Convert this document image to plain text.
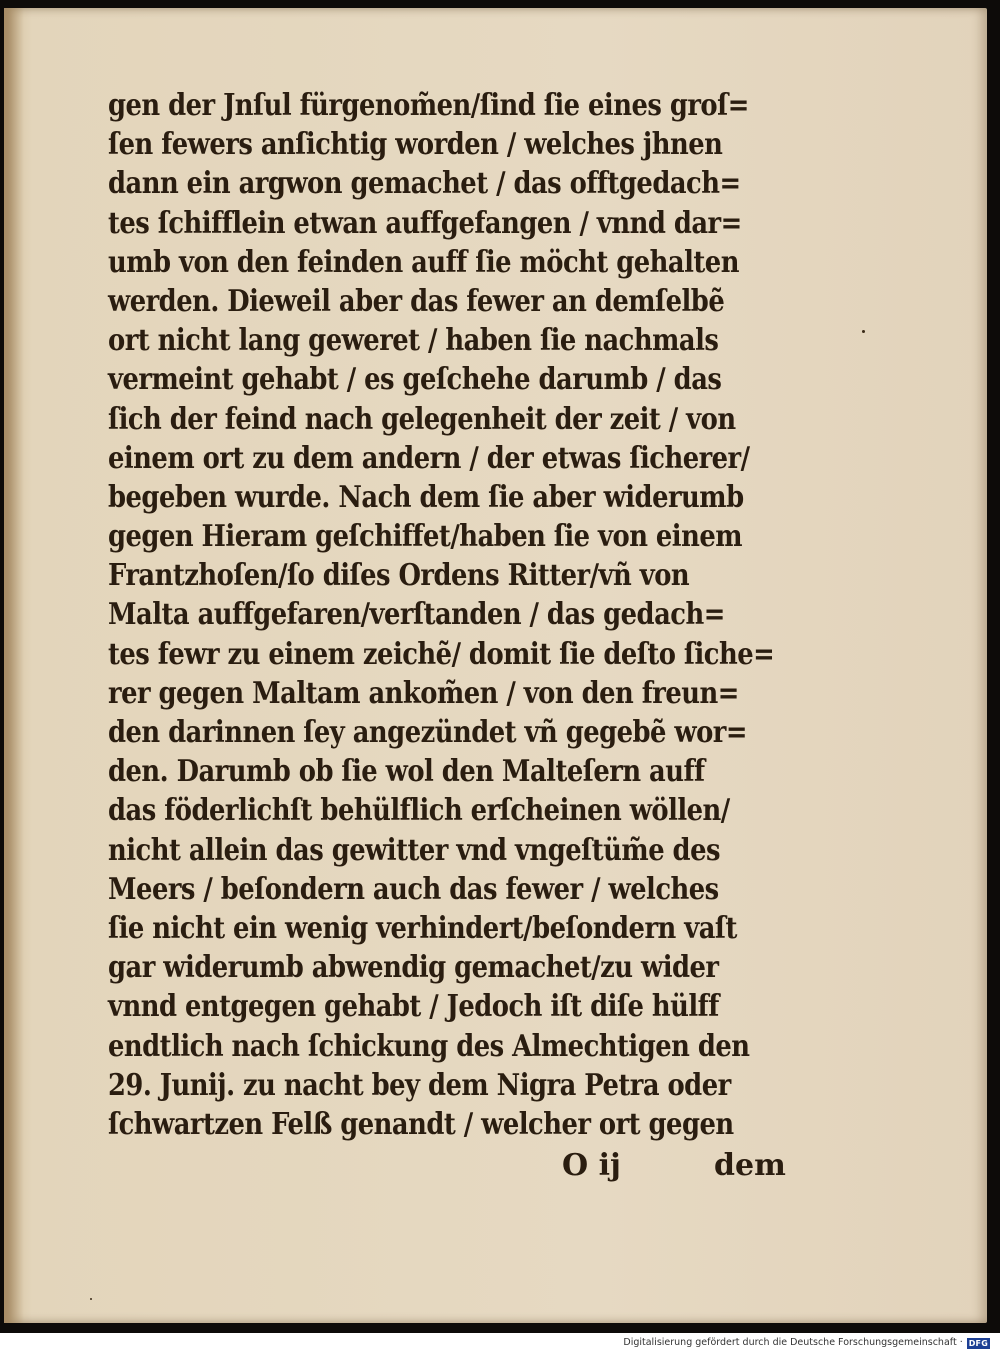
gen der Jnſul fürgenom̃en/ſind ſie eines groſ=
ſen fewers anſichtig worden / welches jhnen
dann ein argwon gemachet / das offtgedach=
tes ſchifflein etwan auffgefangen / vnnd dar=
umb von den feinden auff ſie möcht gehalten
werden. Dieweil aber das fewer an demſelbẽ
ort nicht lang geweret / haben ſie nachmals
vermeint gehabt / es geſchehe darumb / das
ſich der feind nach gelegenheit der zeit / von
einem ort zu dem andern / der etwas ſicherer/
begeben wurde. Nach dem ſie aber widerumb
gegen Hieram geſchiffet/haben ſie von einem
Frantzhoſen/ſo diſes Ordens Ritter/vñ von
Malta auffgefaren/verſtanden / das gedach=
tes fewr zu einem zeichẽ/ domit ſie deſto ſiche=
rer gegen Maltam ankom̃en / von den freun=
den darinnen ſey angezündet vñ gegebẽ wor=
den. Darumb ob ſie wol den Malteſern auff
das föderlichſt behülflich erſcheinen wöllen/
nicht allein das gewitter vnd vngeſtüm̃e des
Meers / beſondern auch das fewer / welches
ſie nicht ein wenig verhindert/beſondern vaſt
gar widerumb abwendig gemachet/zu wider
vnnd entgegen gehabt / Jedoch iſt diſe hülff
endtlich nach ſchickung des Almechtigen den
29. Junij. zu nacht bey dem Nigra Petra oder
ſchwartzen Felß genandt / welcher ort gegen
O ij	dem
Digitalisierung gefördert durch die Deutsche Forschungsgemeinschaft · DFG
